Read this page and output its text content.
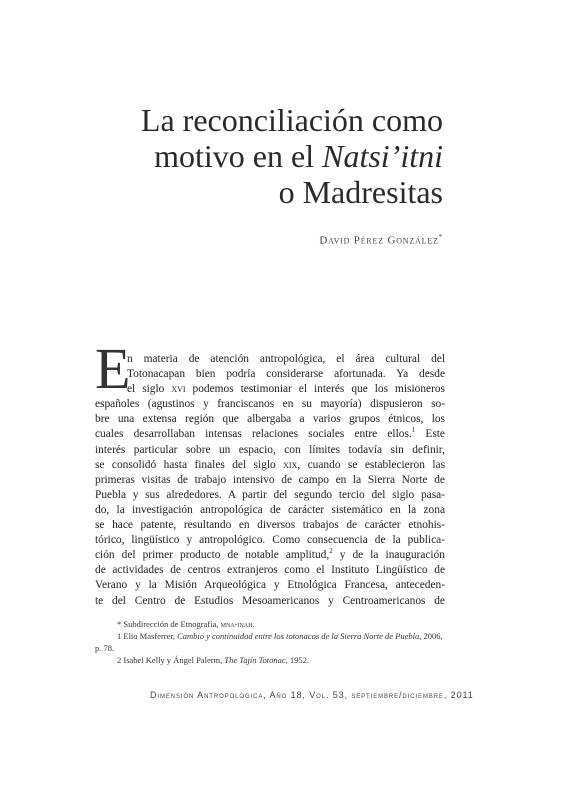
La reconciliación como
motivo en el Natsi’itni
o Madresitas
David Pérez González*
E
n materia de atención antropológica, el área cultural del
Totonacapan bien podría considerarse afortunada. Ya desde
el siglo xvi podemos testimoniar el interés que los misioneros
españoles (agustinos y franciscanos en su mayoría) dispusieron so-
bre una extensa región que albergaba a varios grupos étnicos, los
cuales desarrollaban intensas relaciones sociales entre ellos.$^1$ Este
interés particular sobre un espacio, con límites todavía sin definir,
se consolidó hasta finales del siglo xix, cuando se establecieron las
primeras visitas de trabajo intensivo de campo en la Sierra Norte de
Puebla y sus alrededores. A partir del segundo tercio del siglo pasa-
do, la investigación antropológica de carácter sistemático en la zona
se hace patente, resultando en diversos trabajos de carácter etnohis-
tórico, lingüístico y antropológico. Como consecuencia de la publica-
ción del primer producto de notable amplitud,$^2$ y de la inauguración
de actividades de centros extranjeros como el Instituto Lingüístico de
Verano y la Misión Arqueológica y Etnológica Francesa, anteceden-
te del Centro de Estudios Mesoamericanos y Centroamericanos de
* Subdirección de Etnografía, mna-inah.
1 Elio Masferrer, Cambio y continuidad entre los totonacos de la Sierra Norte de Puebla, 2006,
p. 78.
2 Isabel Kelly y Ángel Palerm, The Tajín Totonac, 1952.
Dimensión Antropológica, Año 18, Vol. 53, septiembre/diciembre, 2011
